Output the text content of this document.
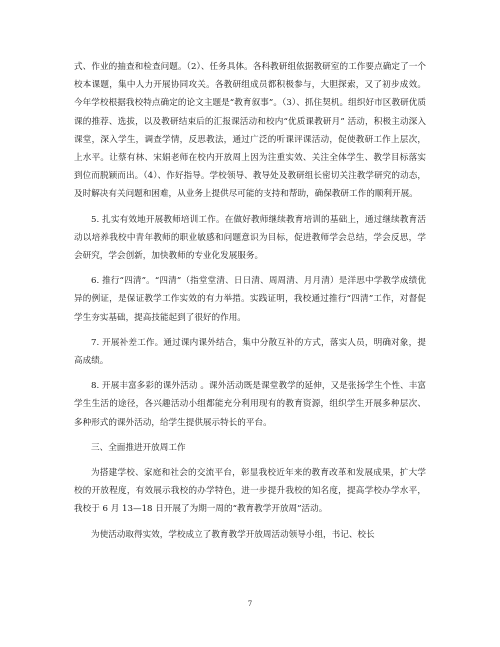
式、作业的抽查和检查问题。（2）、任务具体。各科教研组依据教研室的工作要点确定了一个校本课题，集中人力开展协同攻关。各教研组成员都积极参与，大胆探索，又了初步成效。今年学校根据我校特点确定的论文主题是“教育叙事”。（3）、抓住契机。组织好市区教研优质课的推荐、选拔，以及教研结束后的汇报课活动和校内“优质课教研月” 活动，积极主动深入课堂，深入学生，调查学情，反思教法，通过广泛的听课评课活动，促使教研工作上层次，上水平。让蔡有林、宋娟老师在校内开放周上因为注重实效、关注全体学生、教学目标落实到位而脱颖而出。（4）、作好指导。学校领导、教导处及教研组长密切关注教学研究的动态，及时解决有关问题和困难，从业务上提供尽可能的支持和帮助，确保教研工作的顺利开展。

5. 扎实有效地开展教师培训工作。在做好教师继续教育培训的基础上，通过继续教育活动以培养我校中青年教师的职业敏感和问题意识为目标，促进教师学会总结，学会反思，学会研究，学会创新，加快教师的专业化发展服务。

6. 推行“四清”。“四清”（指堂堂清、日日清、周周清、月月清）是洋思中学教学成绩优异的例证，是保证教学工作实效的有力举措。实践证明，我校通过推行“四清”工作，对督促学生夯实基础，提高技能起到了很好的作用。

7. 开展补差工作。通过课内课外结合，集中分散互补的方式，落实人员，明确对象，提高成绩。

8. 开展丰富多彩的课外活动 。课外活动既是课堂教学的延伸，又是张扬学生个性、丰富学生生活的途径，各兴趣活动小组都能充分利用现有的教育资源，组织学生开展多种层次、多种形式的课外活动，给学生提供展示特长的平台。

三、全面推进开放周工作

为搭建学校、家庭和社会的交流平台，彰显我校近年来的教育改革和发展成果，扩大学校的开放程度，有效展示我校的办学特色，进一步提升我校的知名度，提高学校办学水平，我校于 6 月 13—18 日开展了为期一周的“教育教学开放周”活动。

为使活动取得实效，学校成立了教育教学开放周活动领导小组，书记、校长

7
